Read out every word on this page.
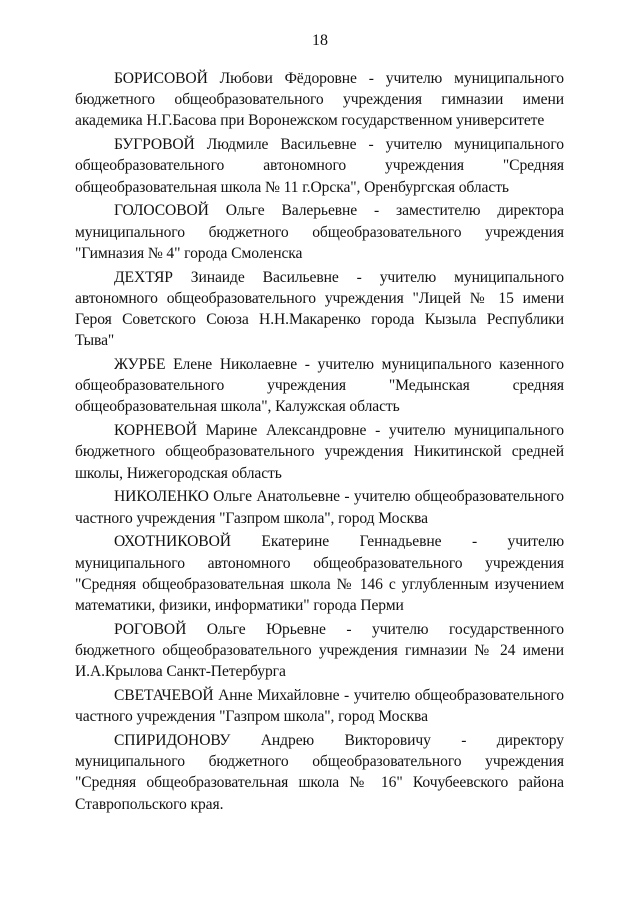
18

БОРИСОВОЙ Любови Фёдоровне - учителю муниципального бюджетного общеобразовательного учреждения гимназии имени академика Н.Г.Басова при Воронежском государственном университете

БУГРОВОЙ Людмиле Васильевне - учителю муниципального общеобразовательного автономного учреждения "Средняя общеобразовательная школа № 11 г.Орска", Оренбургская область

ГОЛОСОВОЙ Ольге Валерьевне - заместителю директора муниципального бюджетного общеобразовательного учреждения "Гимназия № 4" города Смоленска

ДЕХТЯР Зинаиде Васильевне - учителю муниципального автономного общеобразовательного учреждения "Лицей № 15 имени Героя Советского Союза Н.Н.Макаренко города Кызыла Республики Тыва"

ЖУРБЕ Елене Николаевне - учителю муниципального казенного общеобразовательного учреждения "Медынская средняя общеобразовательная школа", Калужская область

КОРНЕВОЙ Марине Александровне - учителю муниципального бюджетного общеобразовательного учреждения Никитинской средней школы, Нижегородская область

НИКОЛЕНКО Ольге Анатольевне - учителю общеобразовательного частного учреждения "Газпром школа", город Москва

ОХОТНИКОВОЙ Екатерине Геннадьевне - учителю муниципального автономного общеобразовательного учреждения "Средняя общеобразовательная школа № 146 с углубленным изучением математики, физики, информатики" города Перми

РОГОВОЙ Ольге Юрьевне - учителю государственного бюджетного общеобразовательного учреждения гимназии № 24 имени И.А.Крылова Санкт-Петербурга

СВЕТАЧЕВОЙ Анне Михайловне - учителю общеобразовательного частного учреждения "Газпром школа", город Москва

СПИРИДОНОВУ Андрею Викторовичу - директору муниципального бюджетного общеобразовательного учреждения "Средняя общеобразовательная школа № 16" Кочубеевского района Ставропольского края.
